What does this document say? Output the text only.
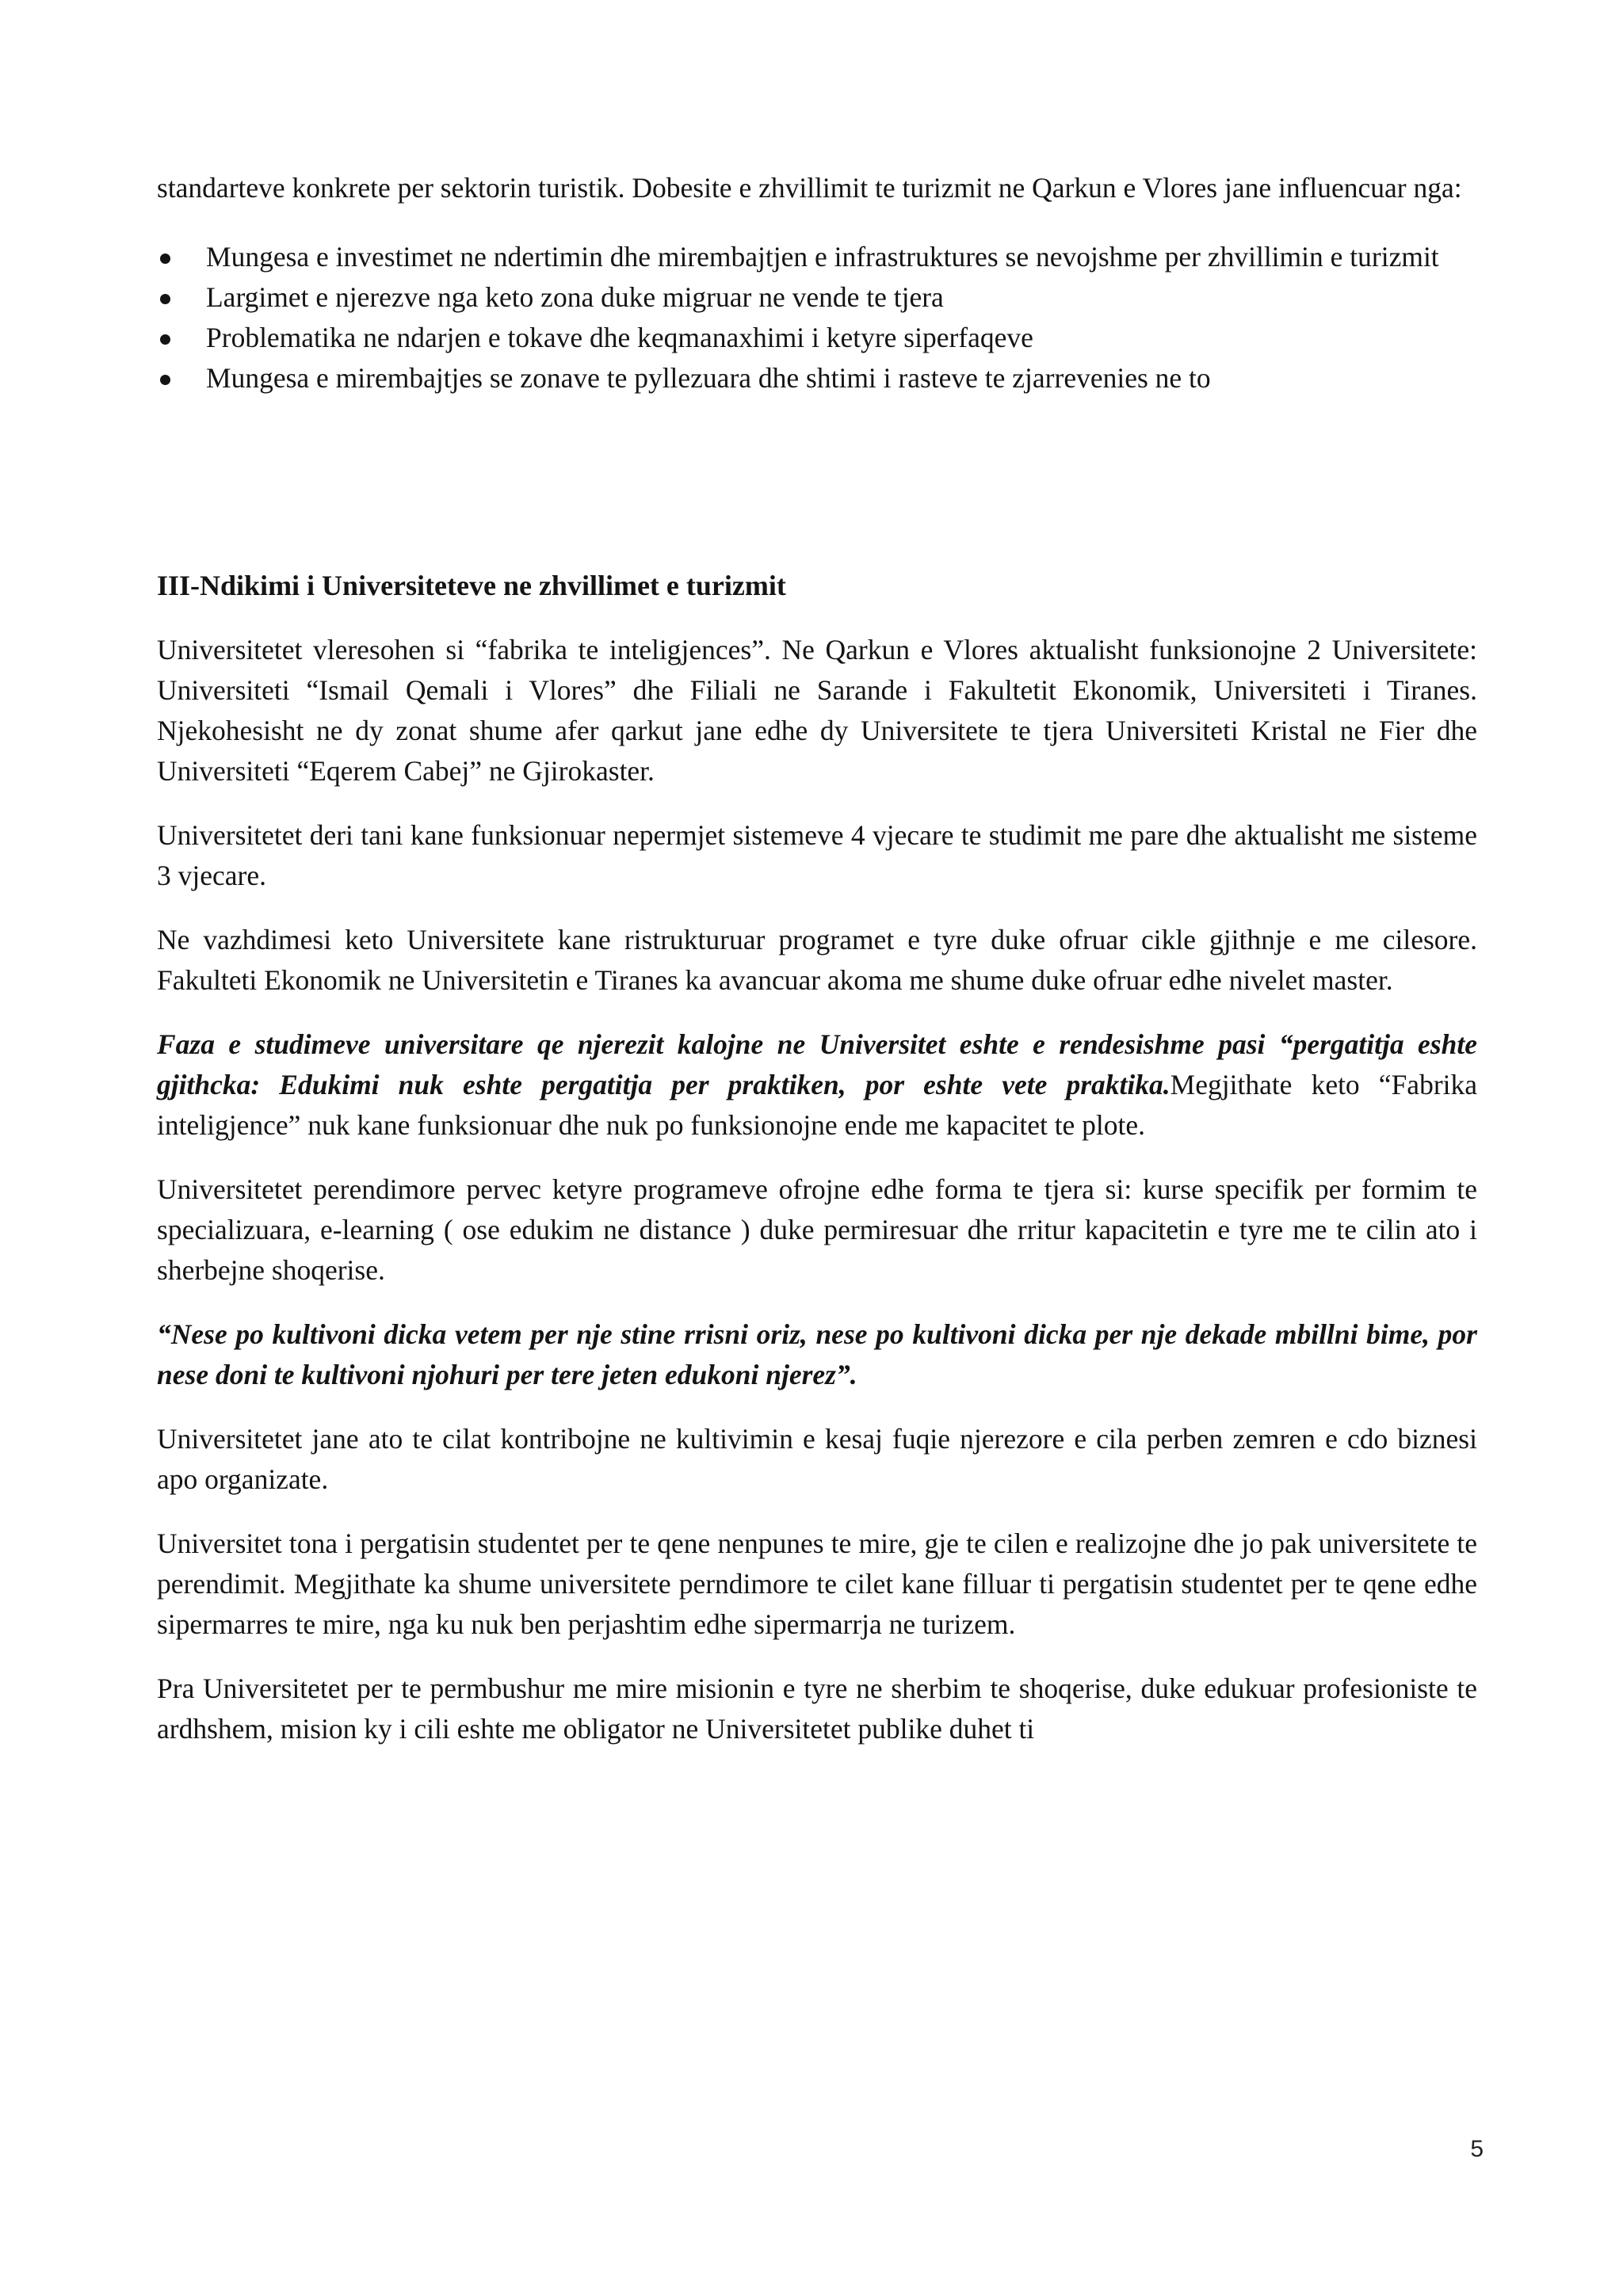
standarteve konkrete per sektorin turistik. Dobesite e zhvillimit te turizmit ne Qarkun e Vlores jane influencuar nga:

Mungesa e investimet ne ndertimin dhe mirembajtjen e infrastruktures se nevojshme per zhvillimin e turizmit
Largimet e njerezve nga keto zona duke migruar ne vende te tjera
Problematika ne ndarjen e tokave dhe keqmanaxhimi i ketyre siperfaqeve
Mungesa e mirembajtjes se zonave te pyllezuara dhe shtimi i rasteve te zjarrevenies ne to
III-Ndikimi i Universiteteve ne zhvillimet e turizmit

Universitetet vleresohen si “fabrika te inteligjences”. Ne Qarkun e Vlores aktualisht funksionojne 2 Universitete: Universiteti “Ismail Qemali i Vlores” dhe Filiali ne Sarande i Fakultetit Ekonomik, Universiteti i Tiranes. Njekohesisht ne dy zonat shume afer qarkut jane edhe dy Universitete te tjera Universiteti Kristal ne Fier dhe Universiteti “Eqerem Cabej” ne Gjirokaster.

Universitetet deri tani kane funksionuar nepermjet sistemeve 4 vjecare te studimit me pare dhe aktualisht me sisteme 3 vjecare.

Ne vazhdimesi keto Universitete kane ristrukturuar programet e tyre duke ofruar cikle gjithnje e me cilesore. Fakulteti Ekonomik ne Universitetin e Tiranes ka avancuar akoma me shume duke ofruar edhe nivelet master.

Faza e studimeve universitare qe njerezit kalojne ne Universitet eshte e rendesishme pasi “pergatitja eshte gjithcka: Edukimi nuk eshte pergatitja per praktiken, por eshte vete praktika.Megjithate keto “Fabrika inteligjence” nuk kane funksionuar dhe nuk po funksionojne ende me kapacitet te plote.

Universitetet perendimore pervec ketyre programeve ofrojne edhe forma te tjera si: kurse specifik per formim te specializuara, e-learning ( ose edukim ne distance ) duke permiresuar dhe rritur kapacitetin e tyre me te cilin ato i sherbejne shoqerise.

“Nese po kultivoni dicka vetem per nje stine rrisni oriz, nese po kultivoni dicka per nje dekade mbillni bime, por nese doni te kultivoni njohuri per tere jeten edukoni njerez”.

Universitetet jane ato te cilat kontribojne ne kultivimin e kesaj fuqie njerezore e cila perben zemren e cdo biznesi apo organizate.

Universitet tona i pergatisin studentet per te qene nenpunes te mire, gje te cilen e realizojne dhe jo pak universitete te perendimit. Megjithate ka shume universitete perndimore te cilet kane filluar ti pergatisin studentet per te qene edhe sipermarres te mire, nga ku nuk ben perjashtim edhe sipermarrja ne turizem.

Pra Universitetet per te permbushur me mire misionin e tyre ne sherbim te shoqerise, duke edukuar profesioniste te ardhshem, mision ky i cili eshte me obligator ne Universitetet publike duhet ti

5
